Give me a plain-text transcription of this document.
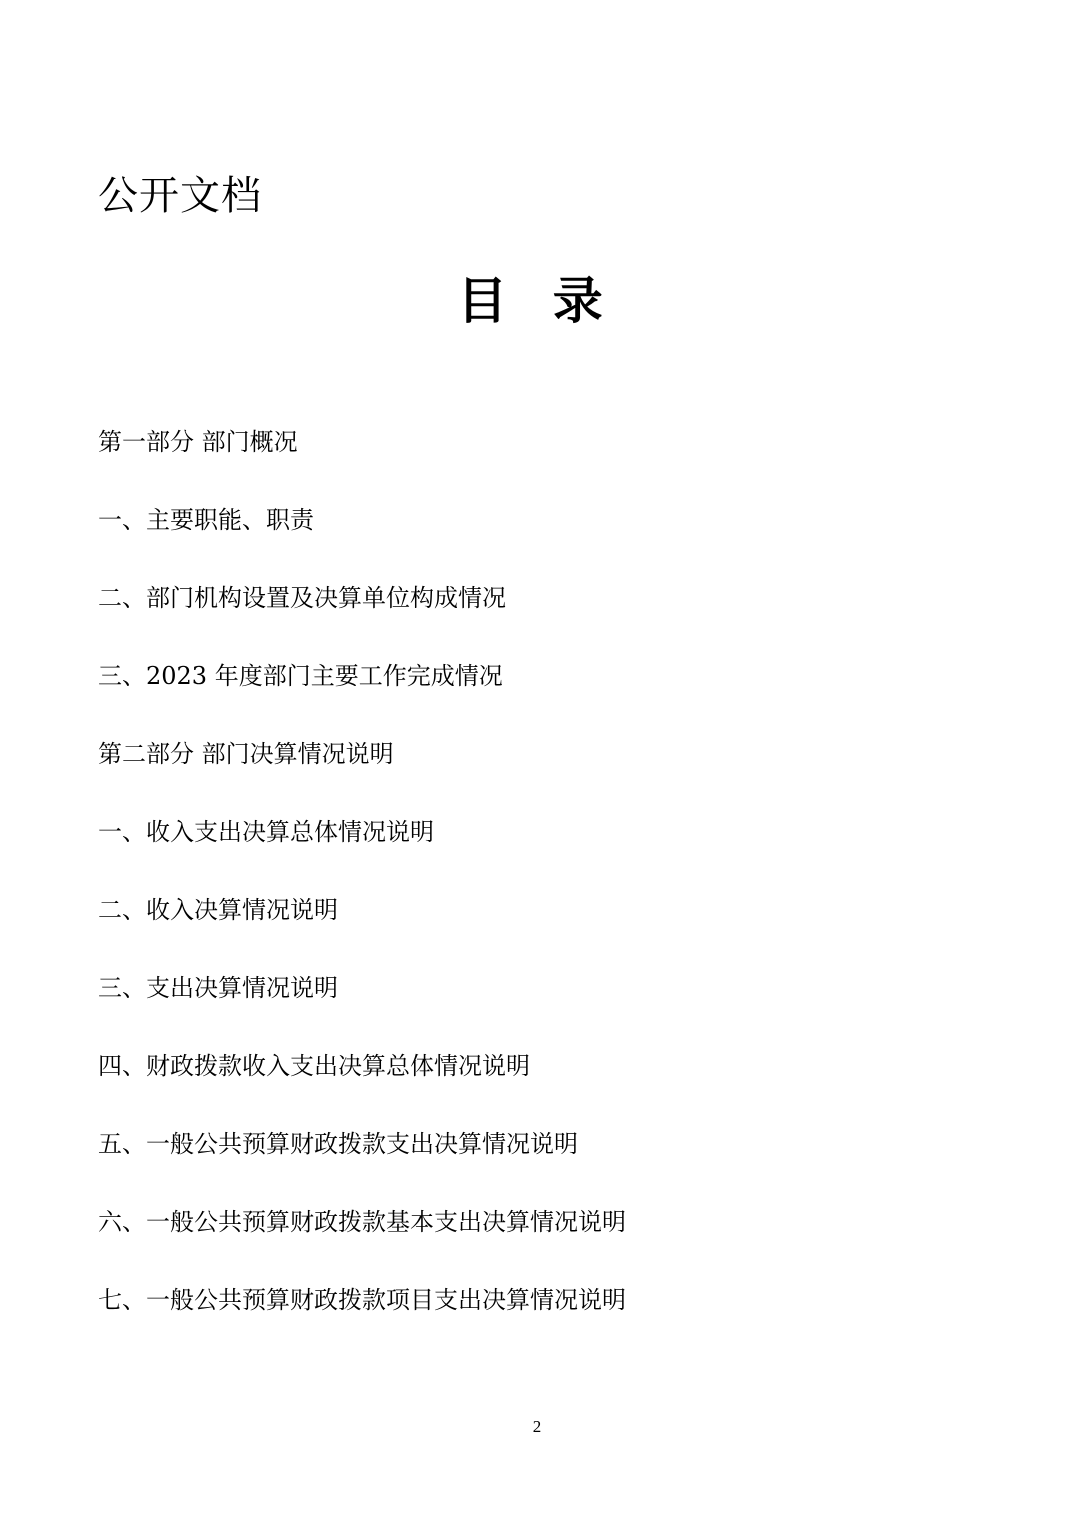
公开文档
目 录
第一部分 部门概况
一、主要职能、职责
二、部门机构设置及决算单位构成情况
三、2023 年度部门主要工作完成情况
第二部分 部门决算情况说明
一、收入支出决算总体情况说明
二、收入决算情况说明
三、支出决算情况说明
四、财政拨款收入支出决算总体情况说明
五、一般公共预算财政拨款支出决算情况说明
六、一般公共预算财政拨款基本支出决算情况说明
七、一般公共预算财政拨款项目支出决算情况说明
2
